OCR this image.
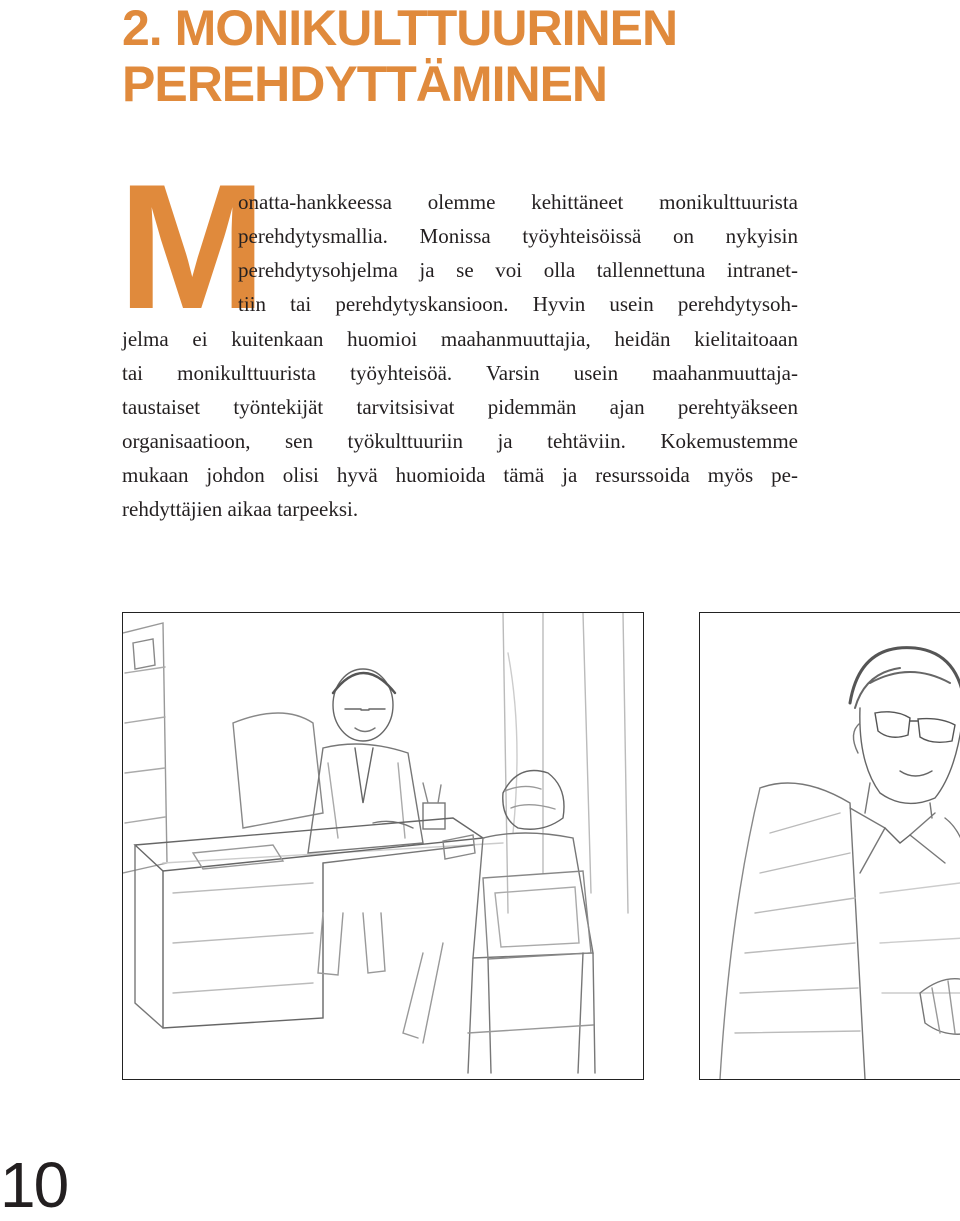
2. MONIKULTTUURINEN
PEREHDYTTÄMINEN
M
onatta-hankkeessa olemme kehittäneet monikulttuurista
perehdytysmallia. Monissa työyhteisöissä on nykyisin
perehdytysohjelma ja se voi olla tallennettuna intranet-
tiin tai perehdytyskansioon. Hyvin usein perehdytysoh-
jelma ei kuitenkaan huomioi maahanmuuttajia, heidän kielitaitoaan
tai monikulttuurista työyhteisöä. Varsin usein maahanmuuttaja-
taustaiset työntekijät tarvitsisivat pidemmän ajan perehtyäkseen
organisaatioon, sen työkulttuuriin ja tehtäviin. Kokemustemme
mukaan johdon olisi hyvä huomioida tämä ja resurssoida myös pe-
rehdyttäjien aikaa tarpeeksi.
10
